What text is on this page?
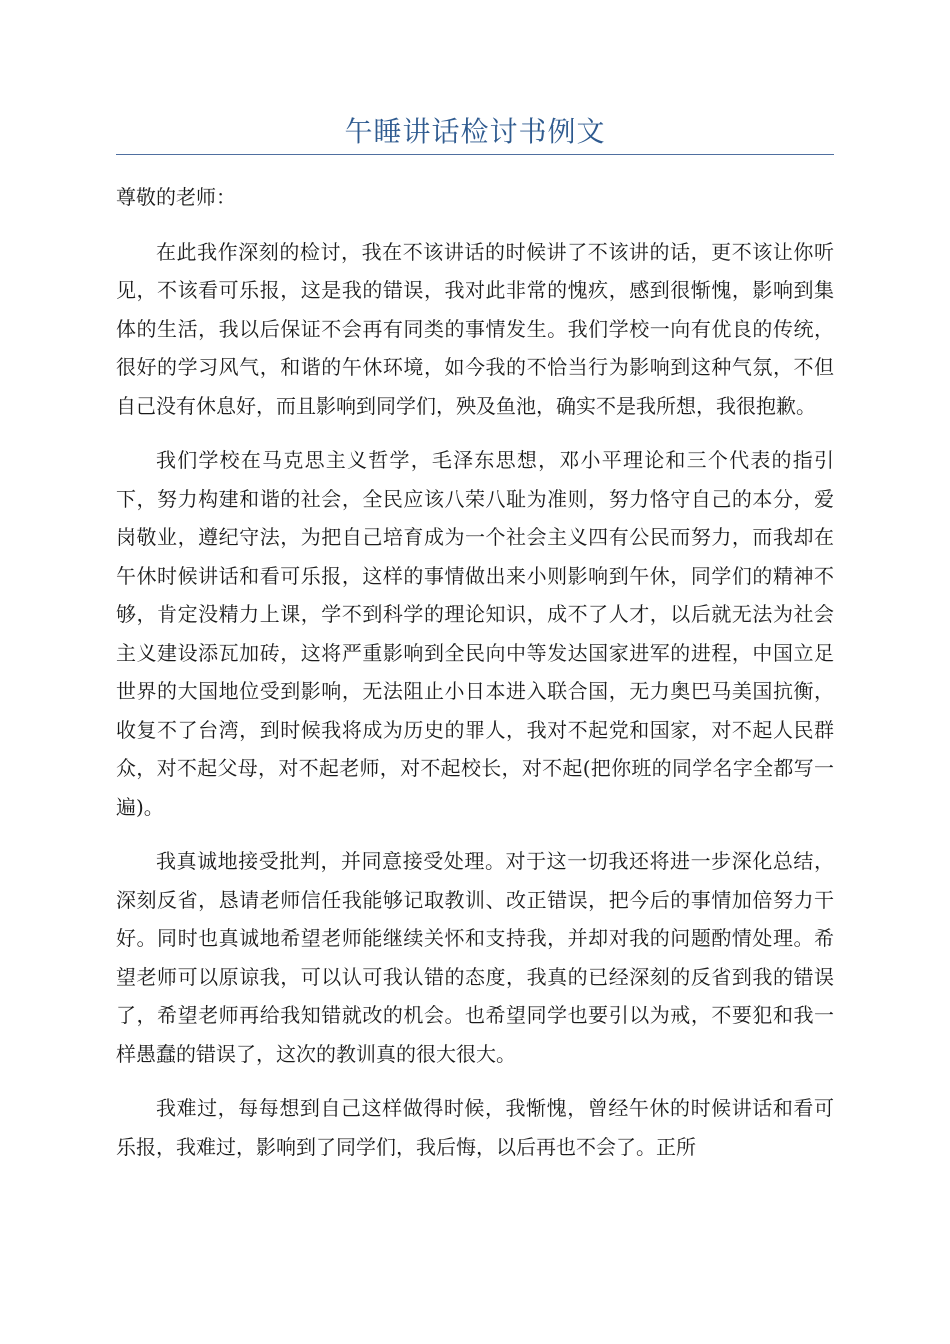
午睡讲话检讨书例文

尊敬的老师：

在此我作深刻的检讨，我在不该讲话的时候讲了不该讲的话，更不该让你听见，不该看可乐报，这是我的错误，我对此非常的愧疚，感到很惭愧，影响到集体的生活，我以后保证不会再有同类的事情发生。我们学校一向有优良的传统，很好的学习风气，和谐的午休环境，如今我的不恰当行为影响到这种气氛，不但自己没有休息好，而且影响到同学们，殃及鱼池，确实不是我所想，我很抱歉。

我们学校在马克思主义哲学，毛泽东思想，邓小平理论和三个代表的指引下，努力构建和谐的社会，全民应该八荣八耻为准则，努力恪守自己的本分，爱岗敬业，遵纪守法，为把自己培育成为一个社会主义四有公民而努力，而我却在午休时候讲话和看可乐报，这样的事情做出来小则影响到午休，同学们的精神不够，肯定没精力上课，学不到科学的理论知识，成不了人才，以后就无法为社会主义建设添瓦加砖，这将严重影响到全民向中等发达国家进军的进程，中国立足世界的大国地位受到影响，无法阻止小日本进入联合国，无力奥巴马美国抗衡，收复不了台湾，到时候我将成为历史的罪人，我对不起党和国家，对不起人民群众，对不起父母，对不起老师，对不起校长，对不起(把你班的同学名字全都写一遍)。

我真诚地接受批判，并同意接受处理。对于这一切我还将进一步深化总结，深刻反省，恳请老师信任我能够记取教训、改正错误，把今后的事情加倍努力干好。同时也真诚地希望老师能继续关怀和支持我，并却对我的问题酌情处理。希望老师可以原谅我，可以认可我认错的态度，我真的已经深刻的反省到我的错误了，希望老师再给我知错就改的机会。也希望同学也要引以为戒，不要犯和我一样愚蠢的错误了，这次的教训真的很大很大。

我难过，每每想到自己这样做得时候，我惭愧，曾经午休的时候讲话和看可乐报，我难过，影响到了同学们，我后悔，以后再也不会了。正所
